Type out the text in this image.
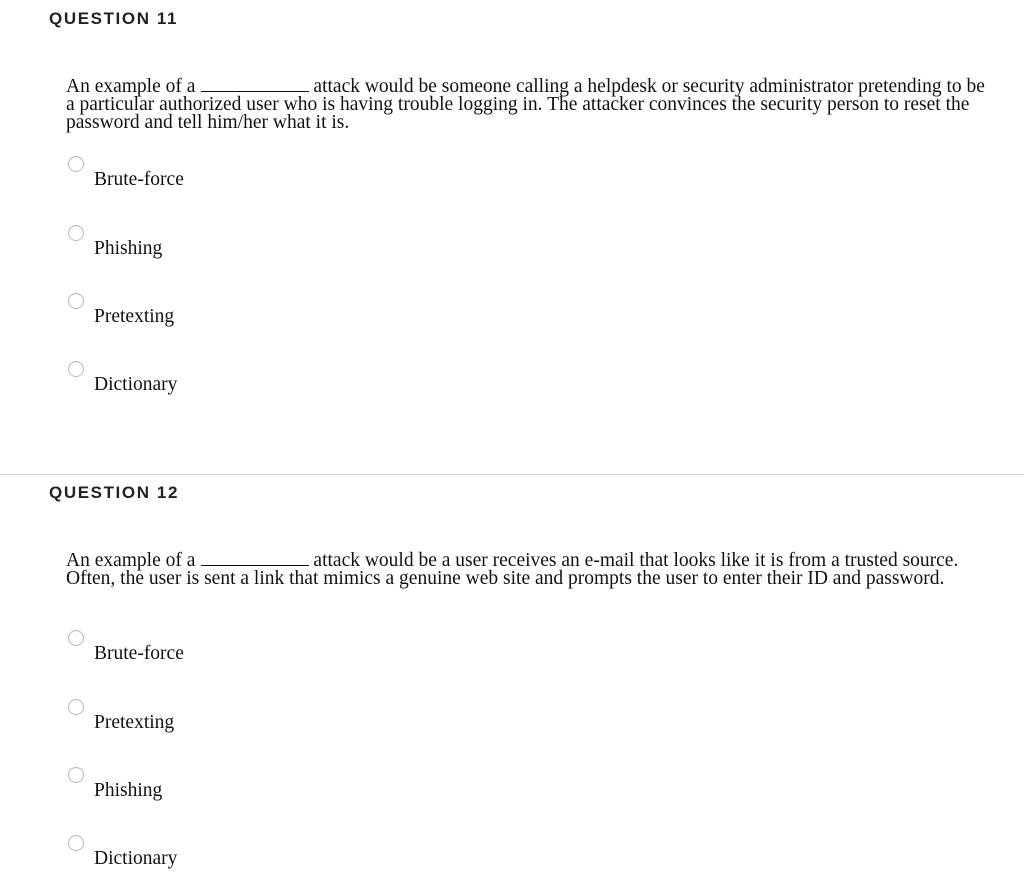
QUESTION 11

An example of a	attack would be someone calling a helpdesk or security administrator pretending to be a particular authorized user who is having trouble logging in. The attacker convinces the security person to reset the password and tell him/her what it is.

Brute-force
Phishing
Pretexting
Dictionary
QUESTION 12

An example of a	attack would be a user receives an e-mail that looks like it is from a trusted source. Often, the user is sent a link that mimics a genuine web site and prompts the user to enter their ID and password.

Brute-force
Pretexting
Phishing
Dictionary
